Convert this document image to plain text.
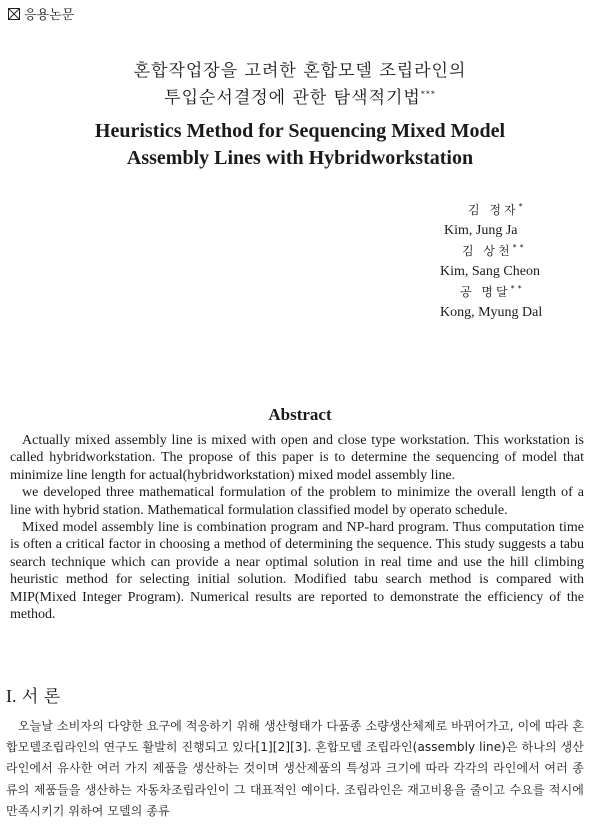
응용논문
혼합작업장을 고려한 혼합모델 조립라인의
투입순서결정에 관한 탐색적기법***
Heuristics Method for Sequencing Mixed Model
Assembly Lines with Hybridworkstation
김 정자*
Kim, Jung Ja
김 상천**
Kim, Sang Cheon
공 명달**
Kong, Myung Dal
Abstract

Actually mixed assembly line is mixed with open and close type workstation. This workstation is called hybridworkstation. The propose of this paper is to determine the sequencing of model that minimize line length for actual(hybridworkstation) mixed model assembly line.

we developed three mathematical formulation of the problem to minimize the overall length of a line with hybrid station. Mathematical formulation classified model by operato schedule.

Mixed model assembly line is combination program and NP-hard program. Thus computation time is often a critical factor in choosing a method of determining the sequence. This study suggests a tabu search technique which can provide a near optimal solution in real time and use the hill climbing heuristic method for selecting initial solution. Modified tabu search method is compared with MIP(Mixed Integer Program). Numerical results are reported to demonstrate the efficiency of the method.

I. 서 론

오늘날 소비자의 다양한 요구에 적응하기 위해 생산형태가 다품종 소량생산체제로 바뀌어가고, 이에 따라 혼합모델조립라인의 연구도 활발히 진행되고 있다[1][2][3]. 혼합모델 조립라인(assembly line)은 하나의 생산라인에서 유사한 여러 가지 제품을 생산하는 것이며 생산제품의 특성과 크기에 따라 각각의 라인에서 여러 종류의 제품들을 생산하는 자동차조립라인이 그 대표적인 예이다. 조립라인은 재고비용을 줄이고 수요를 적시에 만족시키기 위하여 모델의 종류
